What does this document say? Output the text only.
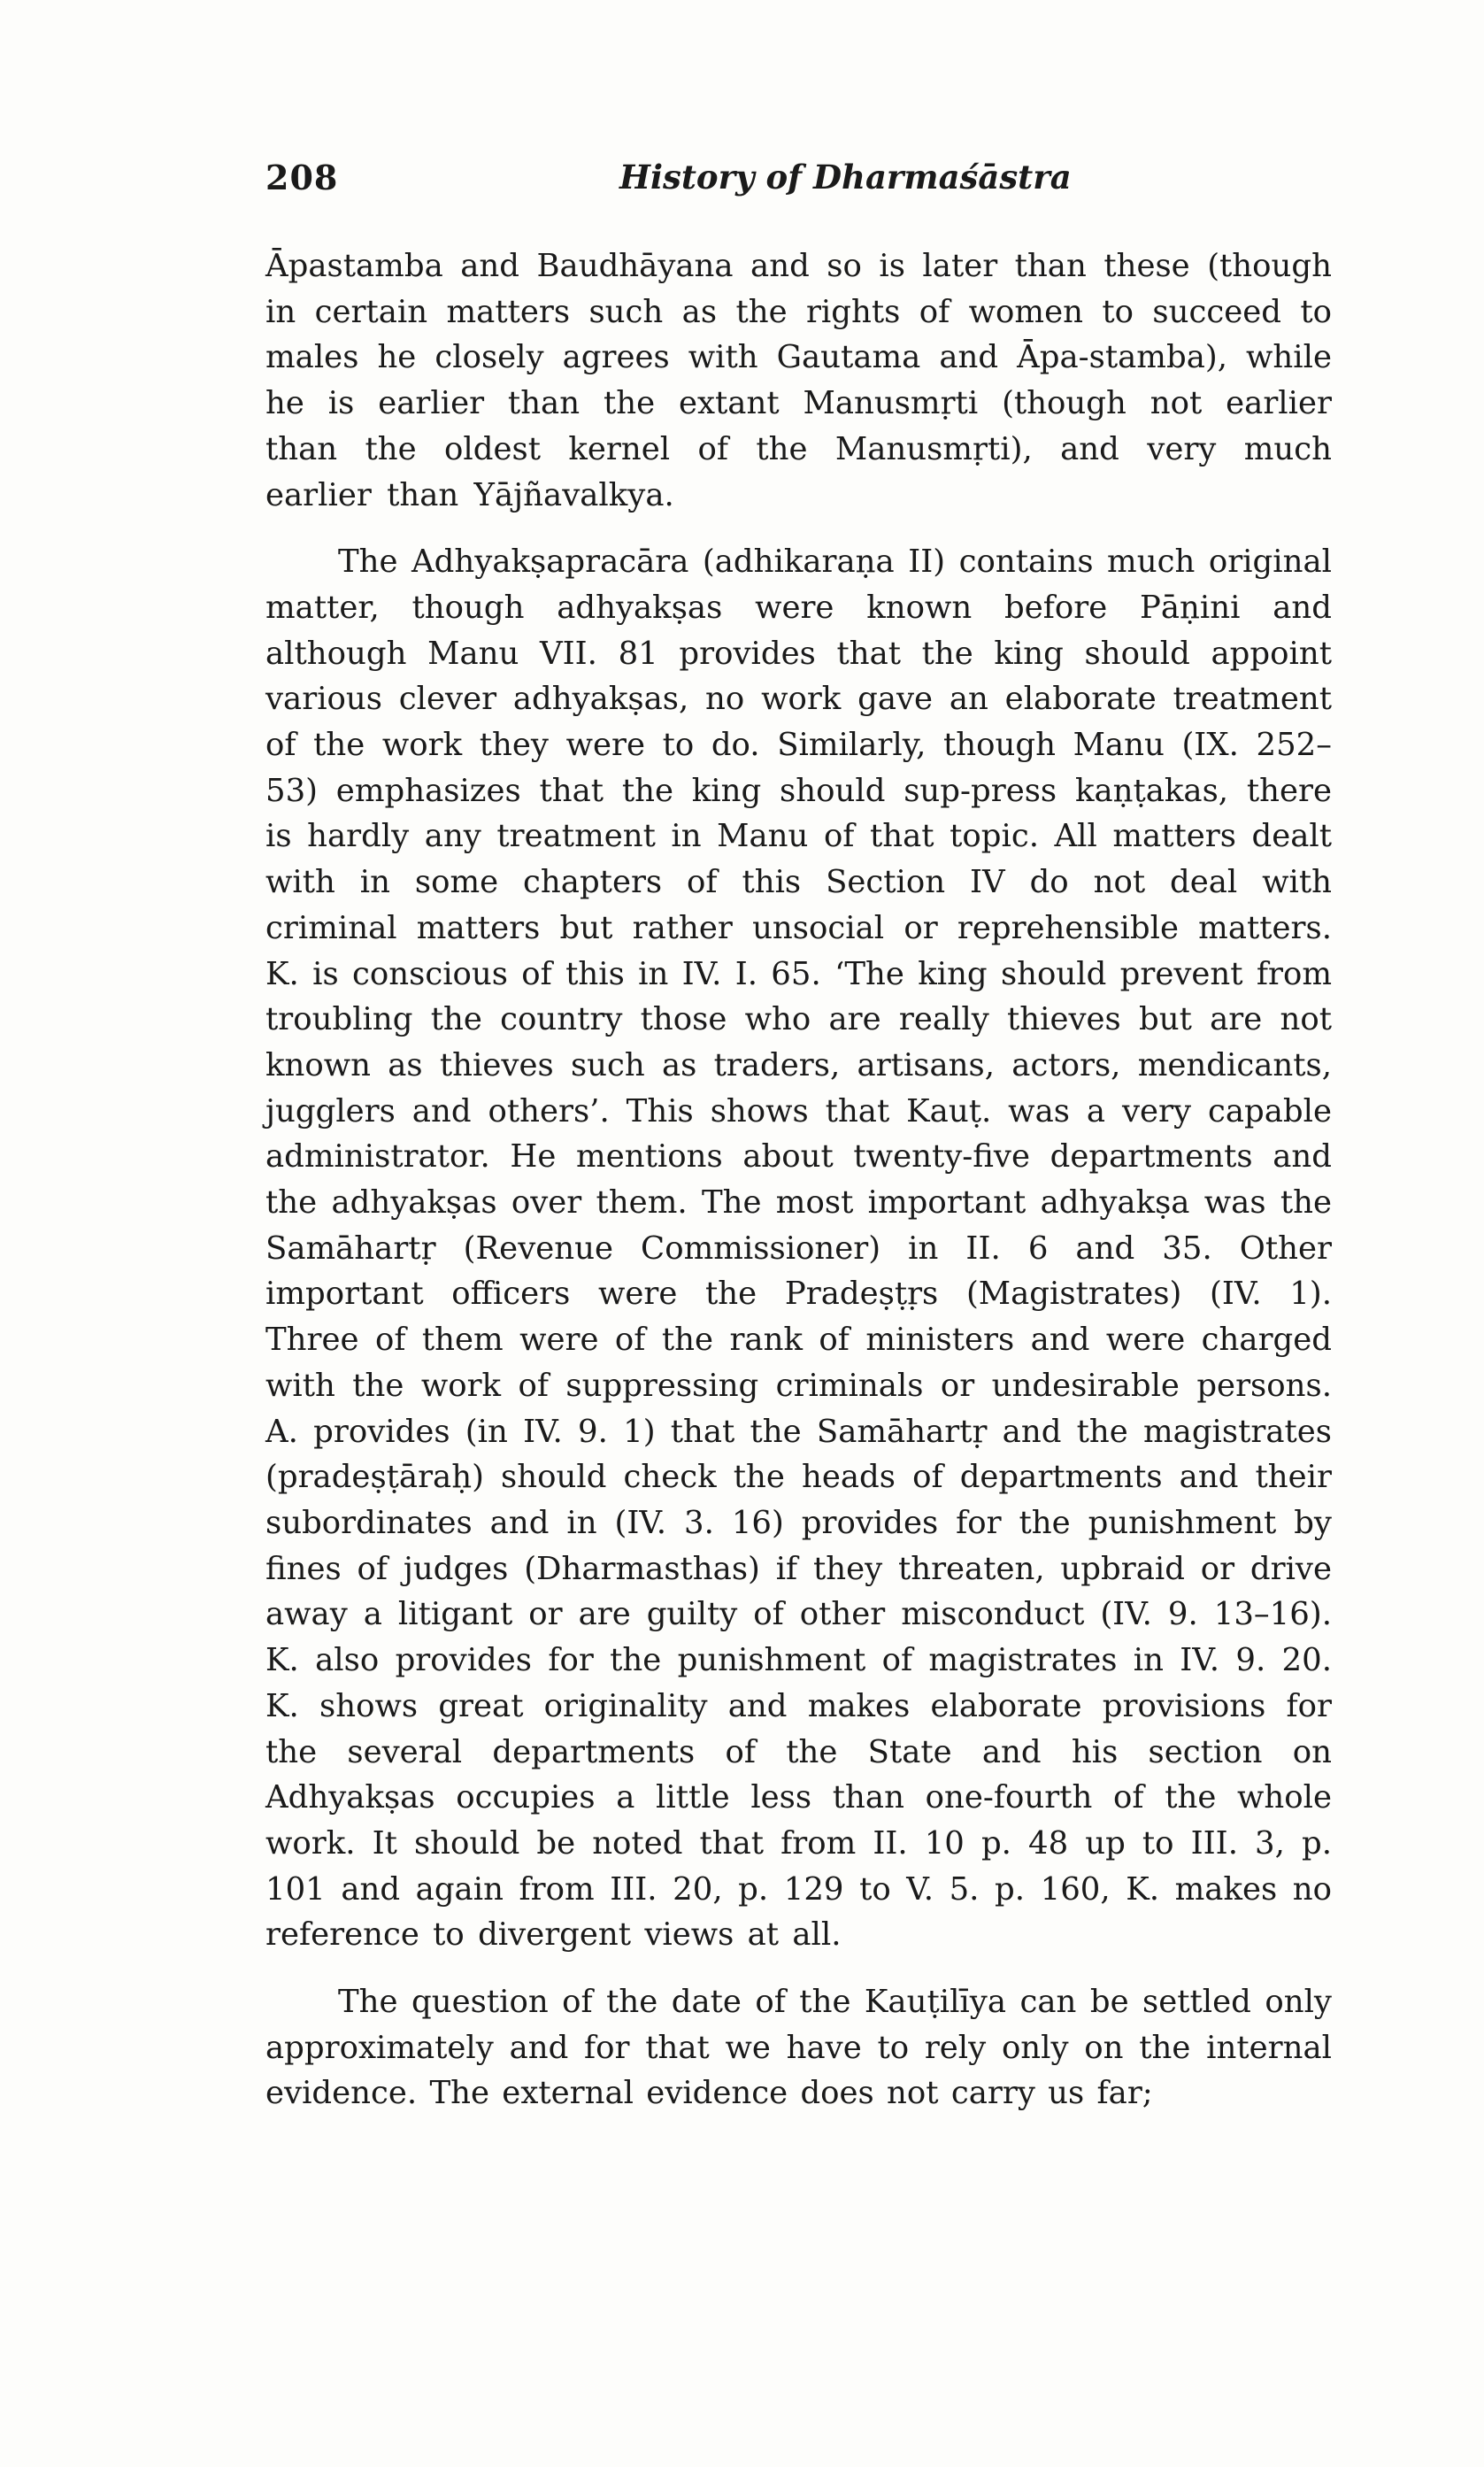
208	History of Dharmaśāstra

Āpastamba and Baudhāyana and so is later than these (though in certain matters such as the rights of women to succeed to males he closely agrees with Gautama and Āpa-stamba), while he is earlier than the extant Manusmṛti (though not earlier than the oldest kernel of the Manusmṛti), and very much earlier than Yājñavalkya.

The Adhyakṣapracāra (adhikaraṇa II) contains much original matter, though adhyakṣas were known before Pāṇini and although Manu VII. 81 provides that the king should appoint various clever adhyakṣas, no work gave an elaborate treatment of the work they were to do. Similarly, though Manu (IX. 252–53) emphasizes that the king should sup-press kaṇṭakas, there is hardly any treatment in Manu of that topic. All matters dealt with in some chapters of this Section IV do not deal with criminal matters but rather unsocial or reprehensible matters. K. is conscious of this in IV. I. 65. ‘The king should prevent from troubling the country those who are really thieves but are not known as thieves such as traders, artisans, actors, mendicants, jugglers and others’. This shows that Kauṭ. was a very capable administrator. He mentions about twenty-five departments and the adhyakṣas over them. The most important adhyakṣa was the Samāhartṛ (Revenue Commissioner) in II. 6 and 35. Other important officers were the Pradeṣṭṛs (Magistrates) (IV. 1). Three of them were of the rank of ministers and were charged with the work of suppressing criminals or undesirable persons. A. provides (in IV. 9. 1) that the Samāhartṛ and the magistrates (pradeṣṭāraḥ) should check the heads of departments and their subordinates and in (IV. 3. 16) provides for the punishment by fines of judges (Dharmasthas) if they threaten, upbraid or drive away a litigant or are guilty of other misconduct (IV. 9. 13–16). K. also provides for the punishment of magistrates in IV. 9. 20. K. shows great originality and makes elaborate provisions for the several departments of the State and his section on Adhyakṣas occupies a little less than one-fourth of the whole work. It should be noted that from II. 10 p. 48 up to III. 3, p. 101 and again from III. 20, p. 129 to V. 5. p. 160, K. makes no reference to divergent views at all.

The question of the date of the Kauṭilīya can be settled only approximately and for that we have to rely only on the internal evidence. The external evidence does not carry us far;
